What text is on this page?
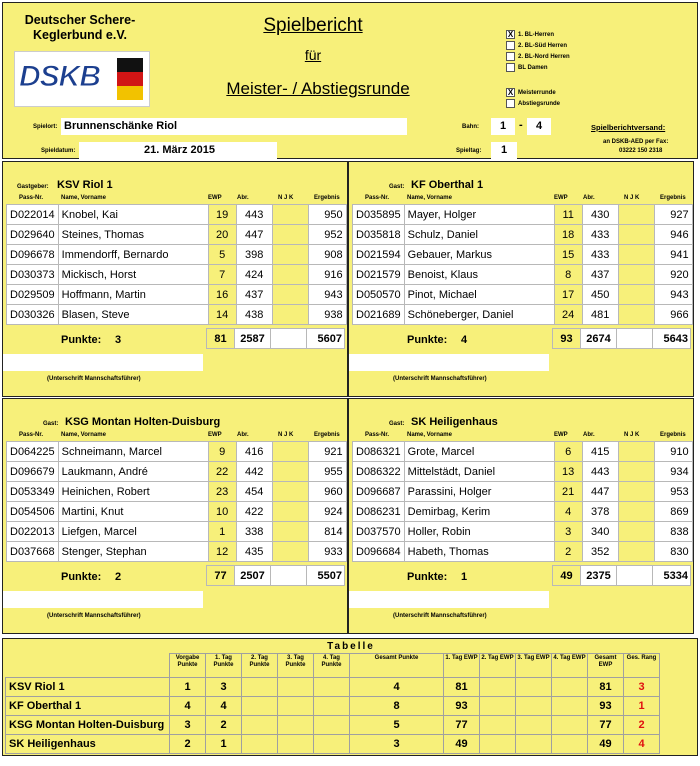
Deutscher Schere-
Keglerbund e.V.
DSKB
Spielbericht
für
Meister- / Abstiegsrunde
X 1. BL-Herren
2. BL-Süd Herren
2. BL-Nord Herren
BL Damen
X Meisterrunde
Abstiegsrunde
Spielort: Brunnenschänke Riol
Spieldatum:	21. März 2015
Bahn:	1	-	4
Spieltag:	1
Spielberichtversand:
an DSKB-AED per Fax:
03222 150 2318
Gastgeber: KSV Riol 1
Pass-Nr.	Name, Vorname	EWP	Abr.	N J K	Ergebnis
D022014	Knobel, Kai	19	443		950
D029640	Steines, Thomas	20	447		952
D096678	Immendorff, Bernardo	5	398		908
D030373	Mickisch, Horst	7	424		916
D029509	Hoffmann, Martin	16	437		943
D030326	Blasen, Steve	14	438		938
Punkte: 3	81	2587		5607
(Unterschrift Mannschaftsführer)
Gast: KF Oberthal 1
Pass-Nr.	Name, Vorname	EWP	Abr.	N J K	Ergebnis
D035895	Mayer, Holger	11	430		927
D035818	Schulz, Daniel	18	433		946
D021594	Gebauer, Markus	15	433		941
D021579	Benoist, Klaus	8	437		920
D050570	Pinot, Michael	17	450		943
D021689	Schöneberger, Daniel	24	481		966
Punkte: 4	93	2674		5643
(Unterschrift Mannschaftsführer)
Gast: KSG Montan Holten-Duisburg
Pass-Nr.	Name, Vorname	EWP	Abr.	N J K	Ergebnis
D064225	Schneimann, Marcel	9	416		921
D096679	Laukmann, André	22	442		955
D053349	Heinichen, Robert	23	454		960
D054506	Martini, Knut	10	422		924
D022013	Liefgen, Marcel	1	338		814
D037668	Stenger, Stephan	12	435		933
Punkte: 2	77	2507		5507
(Unterschrift Mannschaftsführer)
Gast: SK Heiligenhaus
Pass-Nr.	Name, Vorname	EWP	Abr.	N J K	Ergebnis
D086321	Grote, Marcel	6	415		910
D086322	Mittelstädt, Daniel	13	443		934
D096687	Parassini, Holger	21	447		953
D086231	Demirbag, Kerim	4	378		869
D037570	Holler, Robin	3	340		838
D096684	Habeth, Thomas	2	352		830
Punkte: 1	49	2375		5334
(Unterschrift Mannschaftsführer)
Tabelle
	Vorgabe Punkte	1. Tag Punkte	2. Tag Punkte	3. Tag Punkte	4. Tag Punkte	Gesamt Punkte	1. Tag EWP	2. Tag EWP	3. Tag EWP	4. Tag EWP	Gesamt EWP	Ges. Rang
KSV Riol 1	1	3				4	81				81	3
KF Oberthal 1	4	4				8	93				93	1
KSG Montan Holten-Duisburg	3	2				5	77				77	2
SK Heiligenhaus	2	1				3	49				49	4
